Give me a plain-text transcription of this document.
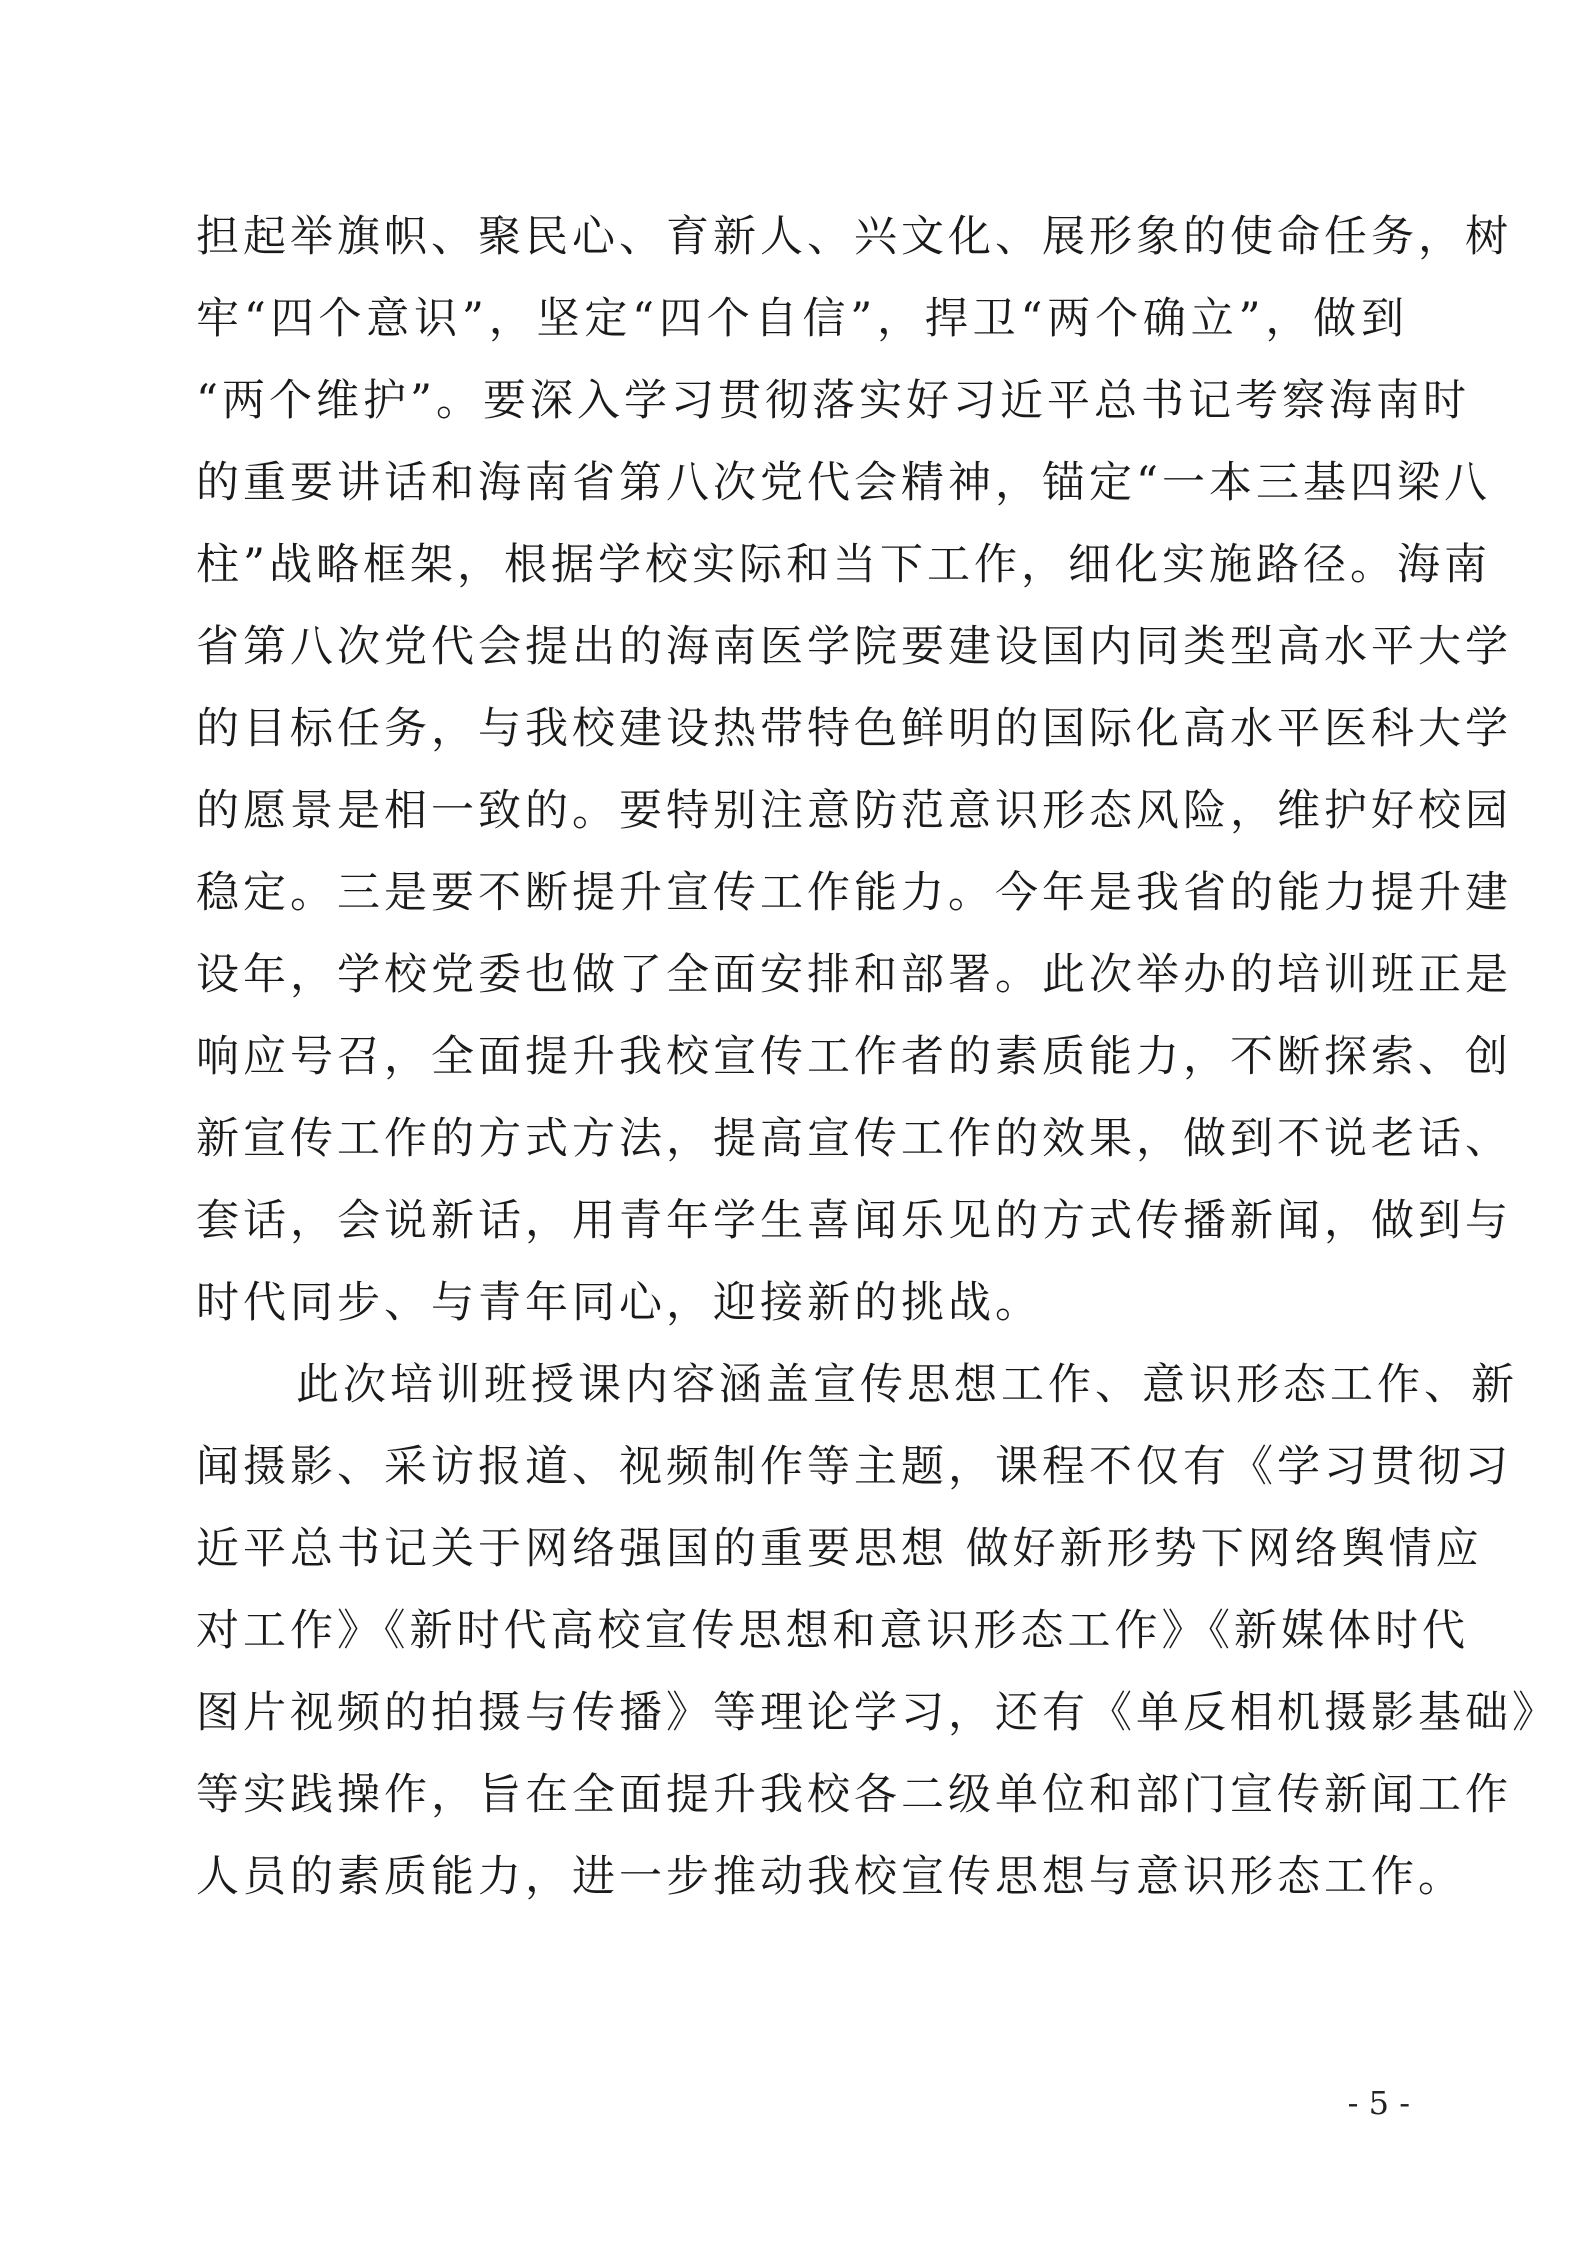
担起举旗帜、聚民心、育新人、兴文化、展形象的使命任务，树
牢“四个意识”，坚定“四个自信”，捍卫“两个确立”，做到
“两个维护”。要深入学习贯彻落实好习近平总书记考察海南时
的重要讲话和海南省第八次党代会精神，锚定“一本三基四梁八
柱”战略框架，根据学校实际和当下工作，细化实施路径。海南
省第八次党代会提出的海南医学院要建设国内同类型高水平大学
的目标任务，与我校建设热带特色鲜明的国际化高水平医科大学
的愿景是相一致的。要特别注意防范意识形态风险，维护好校园
稳定。三是要不断提升宣传工作能力。今年是我省的能力提升建
设年，学校党委也做了全面安排和部署。此次举办的培训班正是
响应号召，全面提升我校宣传工作者的素质能力，不断探索、创
新宣传工作的方式方法，提高宣传工作的效果，做到不说老话、
套话，会说新话，用青年学生喜闻乐见的方式传播新闻，做到与
时代同步、与青年同心，迎接新的挑战。
此次培训班授课内容涵盖宣传思想工作、意识形态工作、新
闻摄影、采访报道、视频制作等主题，课程不仅有《学习贯彻习
近平总书记关于网络强国的重要思想 做好新形势下网络舆情应
对工作》《新时代高校宣传思想和意识形态工作》《新媒体时代
图片视频的拍摄与传播》等理论学习，还有《单反相机摄影基础》
等实践操作，旨在全面提升我校各二级单位和部门宣传新闻工作
人员的素质能力，进一步推动我校宣传思想与意识形态工作。
- 5 -
